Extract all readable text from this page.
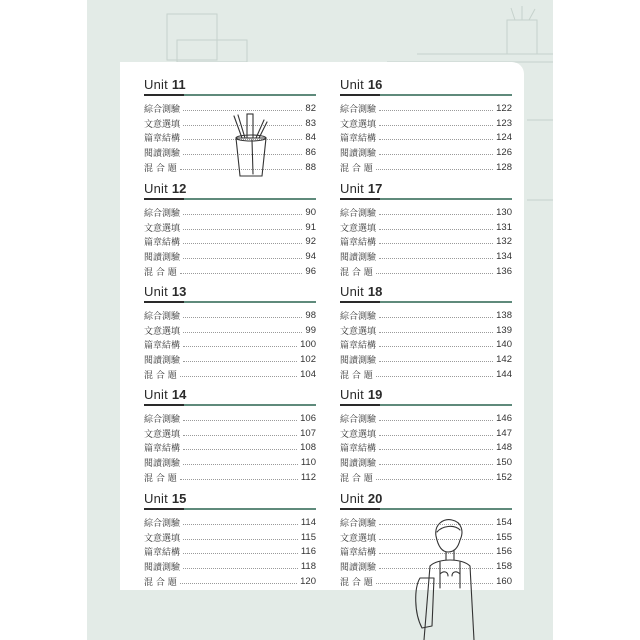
Unit 11
綜合測驗	82
文意選填	83
篇章結構	84
閱讀測驗	86
混 合 題	88
Unit 12
綜合測驗	90
文意選填	91
篇章結構	92
閱讀測驗	94
混 合 題	96
Unit 13
綜合測驗	98
文意選填	99
篇章結構	100
閱讀測驗	102
混 合 題	104
Unit 14
綜合測驗	106
文意選填	107
篇章結構	108
閱讀測驗	110
混 合 題	112
Unit 15
綜合測驗	114
文意選填	115
篇章結構	116
閱讀測驗	118
混 合 題	120
Unit 16
綜合測驗	122
文意選填	123
篇章結構	124
閱讀測驗	126
混 合 題	128
Unit 17
綜合測驗	130
文意選填	131
篇章結構	132
閱讀測驗	134
混 合 題	136
Unit 18
綜合測驗	138
文意選填	139
篇章結構	140
閱讀測驗	142
混 合 題	144
Unit 19
綜合測驗	146
文意選填	147
篇章結構	148
閱讀測驗	150
混 合 題	152
Unit 20
綜合測驗	154
文意選填	155
篇章結構	156
閱讀測驗	158
混 合 題	160
